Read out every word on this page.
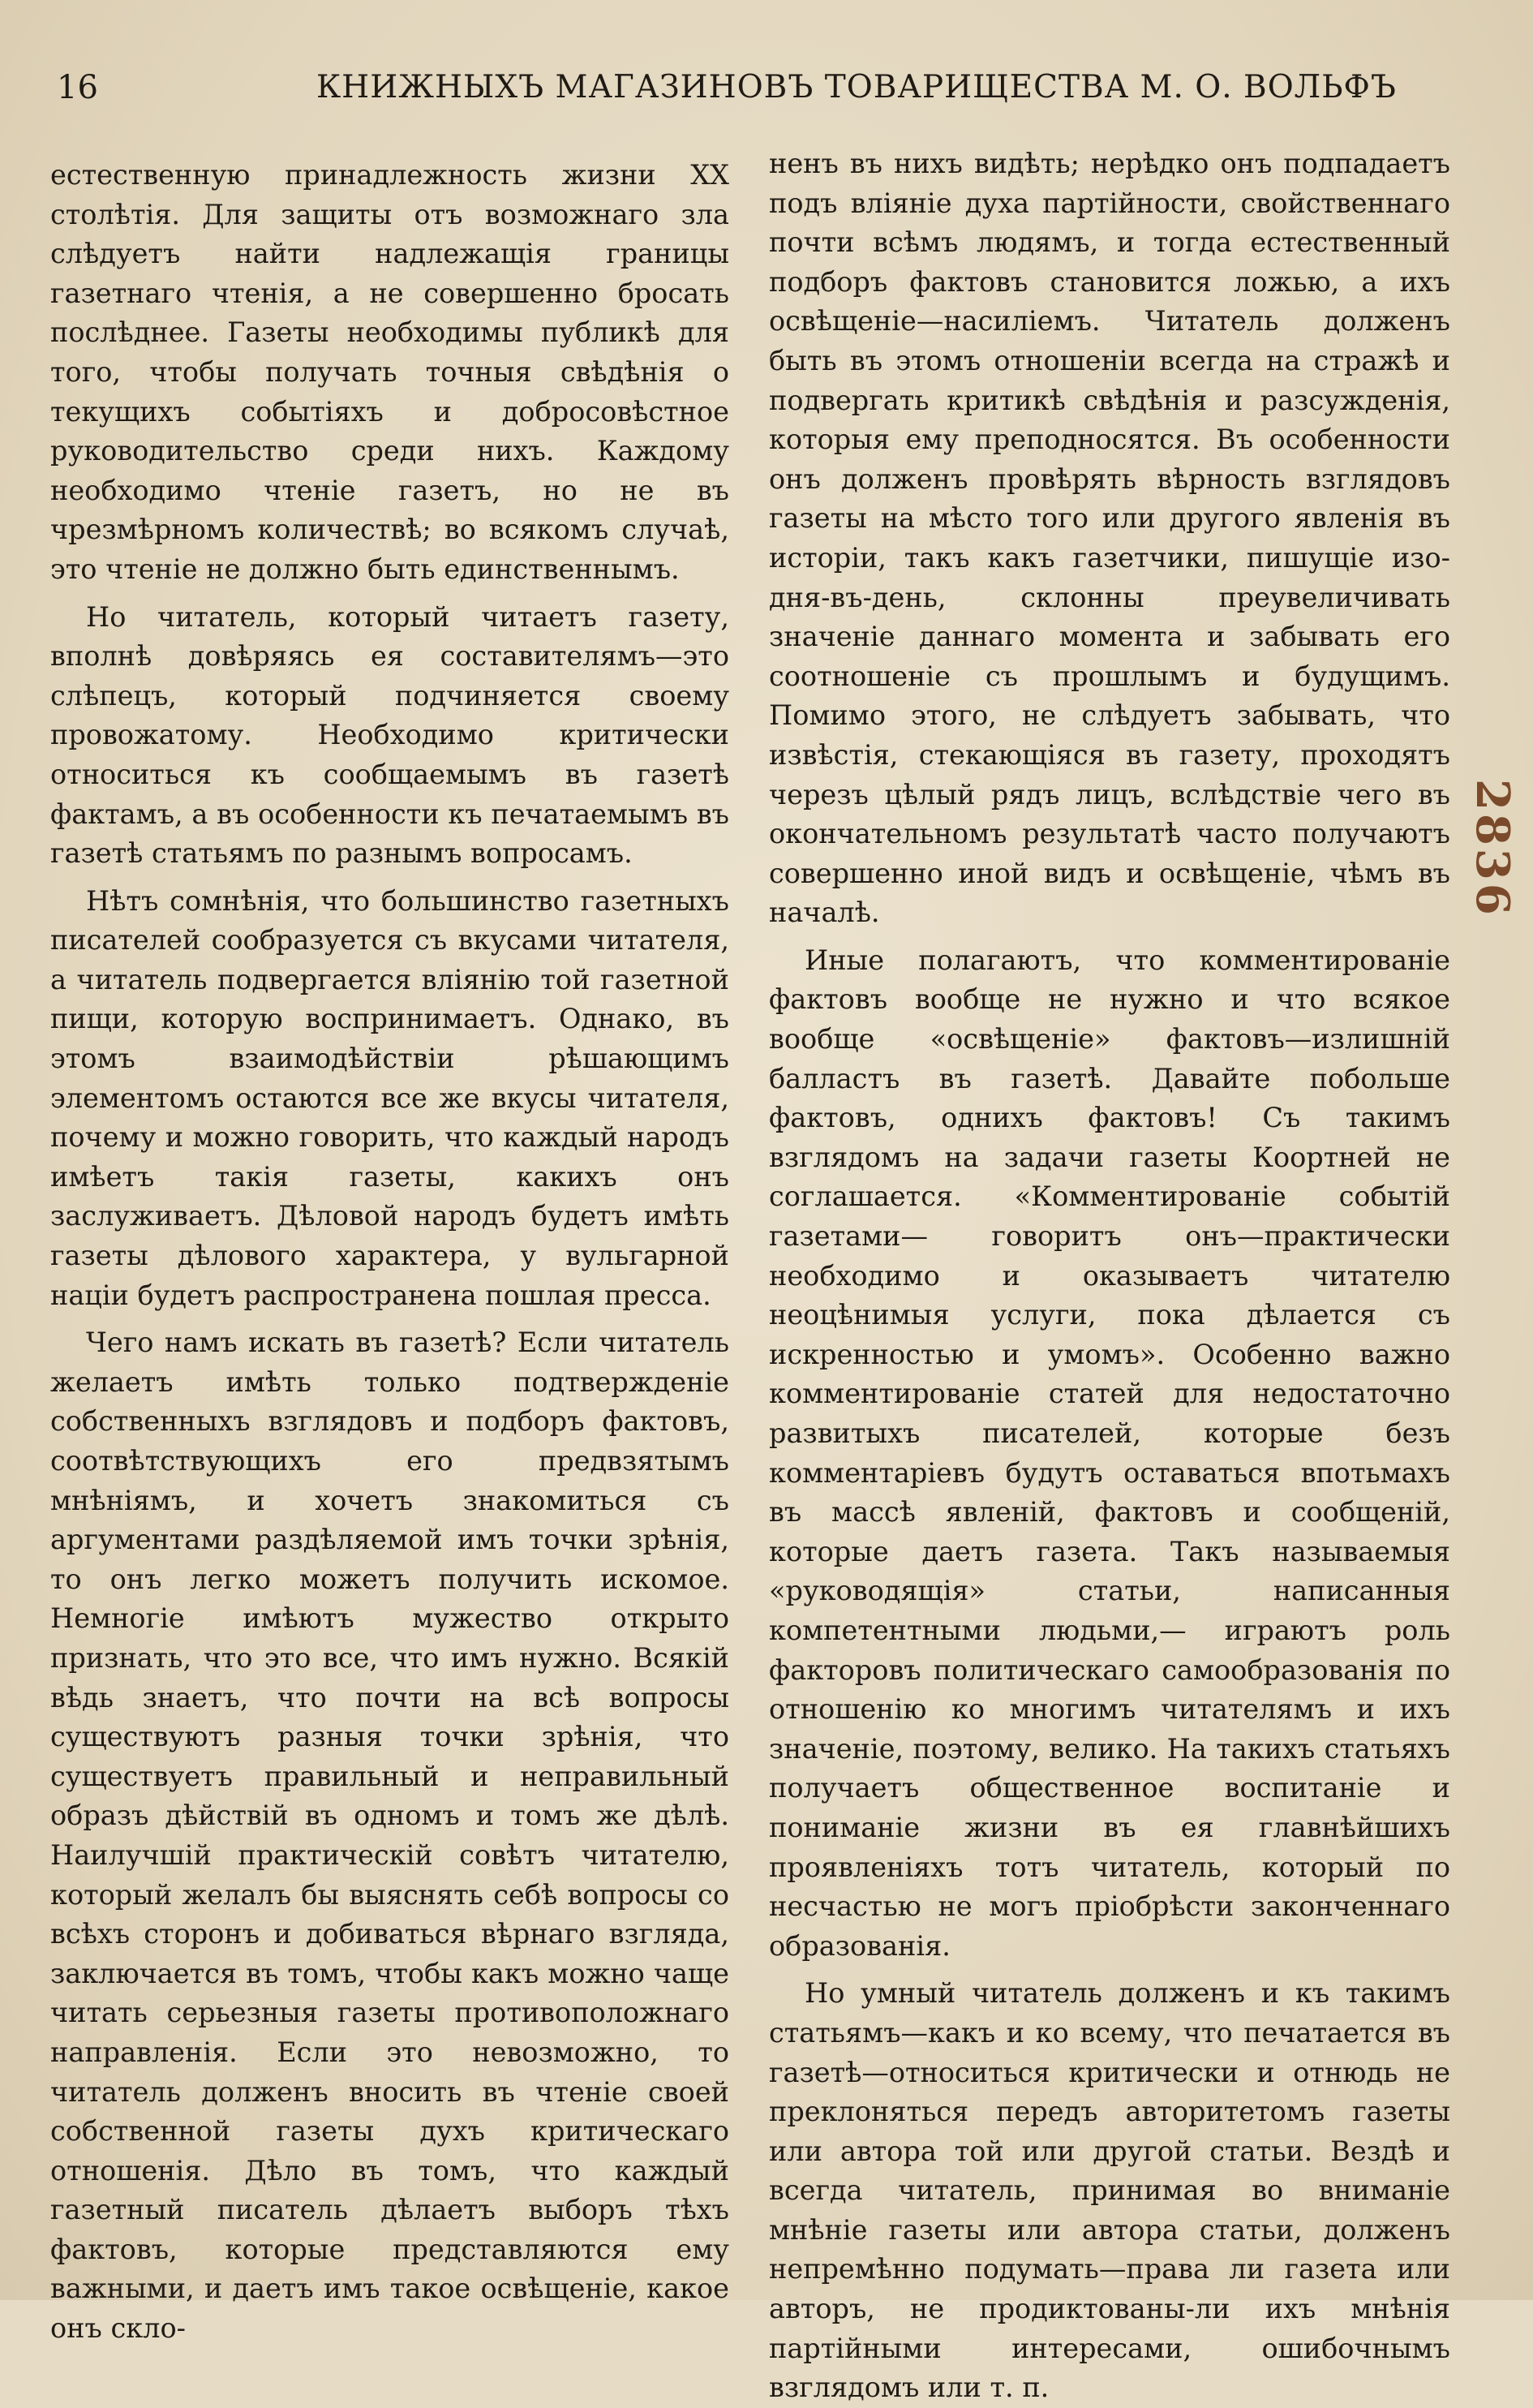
16	КНИЖНЫХЪ МАГАЗИНОВЪ ТОВАРИЩЕСТВА М. О. ВОЛЬФЪ

естественную принадлежность жизни XX столѣтія. Для защиты отъ возможнаго зла слѣдуетъ найти надлежащія границы газетнаго чтенія, а не совершенно бросать послѣднее. Газеты необходимы публикѣ для того, чтобы получать точныя свѣдѣнія о текущихъ событіяхъ и добросовѣстное руководительство среди нихъ. Каждому необходимо чтеніе газетъ, но не въ чрезмѣрномъ количествѣ; во всякомъ случаѣ, это чтеніе не должно быть единственнымъ.

Но читатель, который читаетъ газету, вполнѣ довѣряясь ея составителямъ—это слѣпецъ, который подчиняется своему провожатому. Необходимо критически относиться къ сообщаемымъ въ газетѣ фактамъ, а въ особенности къ печатаемымъ въ газетѣ статьямъ по разнымъ вопросамъ.

Нѣтъ сомнѣнія, что большинство газетныхъ писателей сообразуется съ вкусами читателя, а читатель подвергается вліянію той газетной пищи, которую воспринимаетъ. Однако, въ этомъ взаимодѣйствіи рѣшающимъ элементомъ остаются все же вкусы читателя, почему и можно говорить, что каждый народъ имѣетъ такія газеты, какихъ онъ заслуживаетъ. Дѣловой народъ будетъ имѣть газеты дѣлового характера, у вульгарной націи будетъ распространена пошлая пресса.

Чего намъ искать въ газетѣ? Если читатель желаетъ имѣть только подтвержденіе собственныхъ взглядовъ и подборъ фактовъ, соотвѣтствующихъ его предвзятымъ мнѣніямъ, и хочетъ знакомиться съ аргументами раздѣляемой имъ точки зрѣнія, то онъ легко можетъ получить искомое. Немногіе имѣютъ мужество открыто признать, что это все, что имъ нужно. Всякій вѣдь знаетъ, что почти на всѣ вопросы существуютъ разныя точки зрѣнія, что существуетъ правильный и неправильный образъ дѣйствій въ одномъ и томъ же дѣлѣ. Наилучшій практическій совѣтъ читателю, который желалъ бы выяснять себѣ вопросы со всѣхъ сторонъ и добиваться вѣрнаго взгляда, заключается въ томъ, чтобы какъ можно чаще читать серьезныя газеты противоположнаго направленія. Если это невозможно, то читатель долженъ вносить въ чтеніе своей собственной газеты духъ критическаго отношенія. Дѣло въ томъ, что каждый газетный писатель дѣлаетъ выборъ тѣхъ фактовъ, которые представляются ему важными, и даетъ имъ такое освѣщеніе, какое онъ скло-

ненъ въ нихъ видѣть; нерѣдко онъ подпадаетъ подъ вліяніе духа партійности, свойственнаго почти всѣмъ людямъ, и тогда естественный подборъ фактовъ становится ложью, а ихъ освѣщеніе—насиліемъ. Читатель долженъ быть въ этомъ отношеніи всегда на стражѣ и подвергать критикѣ свѣдѣнія и разсужденія, которыя ему преподносятся. Въ особенности онъ долженъ провѣрять вѣрность взглядовъ газеты на мѣсто того или другого явленія въ исторіи, такъ какъ газетчики, пишущіе изо-дня-въ-день, склонны преувеличивать значеніе даннаго момента и забывать его соотношеніе съ прошлымъ и будущимъ. Помимо этого, не слѣдуетъ забывать, что извѣстія, стекающіяся въ газету, проходятъ черезъ цѣлый рядъ лицъ, вслѣдствіе чего въ окончательномъ результатѣ часто получаютъ совершенно иной видъ и освѣщеніе, чѣмъ въ началѣ.

Иные полагаютъ, что комментированіе фактовъ вообще не нужно и что всякое вообще «освѣщеніе» фактовъ—излишній балластъ въ газетѣ. Давайте побольше фактовъ, однихъ фактовъ! Съ такимъ взглядомъ на задачи газеты Коортней не соглашается. «Комментированіе событій газетами— говоритъ онъ—практически необходимо и оказываетъ читателю неоцѣнимыя услуги, пока дѣлается съ искренностью и умомъ». Особенно важно комментированіе статей для недостаточно развитыхъ писателей, которые безъ комментаріевъ будутъ оставаться впотьмахъ въ массѣ явленій, фактовъ и сообщеній, которые даетъ газета. Такъ называемыя «руководящія» статьи, написанныя компетентными людьми,— играютъ роль факторовъ политическаго самообразованія по отношенію ко многимъ читателямъ и ихъ значеніе, поэтому, велико. На такихъ статьяхъ получаетъ общественное воспитаніе и пониманіе жизни въ ея главнѣйшихъ проявленіяхъ тотъ читатель, который по несчастью не могъ пріобрѣсти законченнаго образованія.

Но умный читатель долженъ и къ такимъ статьямъ—какъ и ко всему, что печатается въ газетѣ—относиться критически и отнюдь не преклоняться передъ авторитетомъ газеты или автора той или другой статьи. Вездѣ и всегда читатель, принимая во вниманіе мнѣніе газеты или автора статьи, долженъ непремѣнно подумать—права ли газета или авторъ, не продиктованы-ли ихъ мнѣнія партійными интересами, ошибочнымъ взглядомъ или т. п.

2836
